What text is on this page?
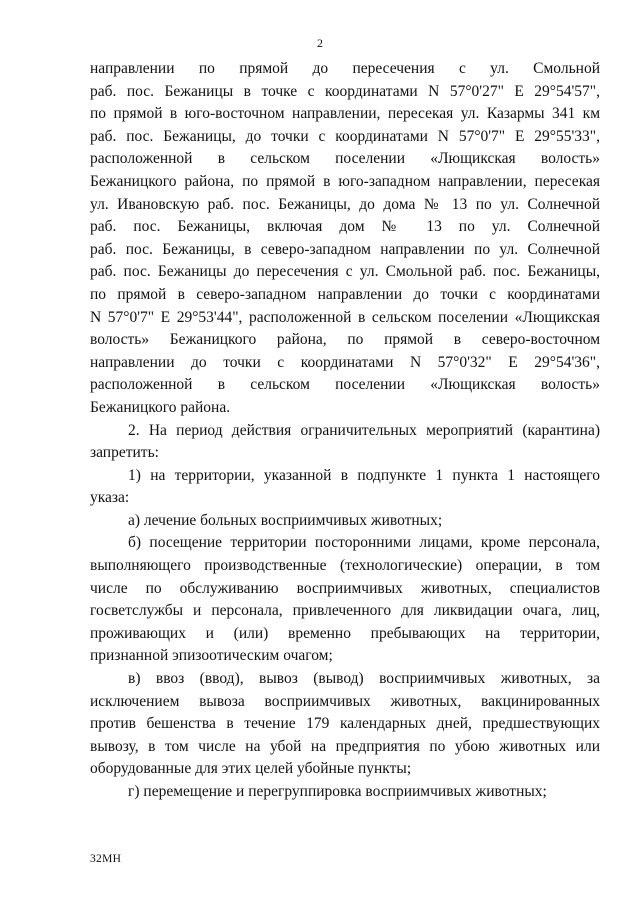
2
направлении по прямой до пересечения с ул. Смольной
раб. пос. Бежаницы в точке с координатами N 57°0'27" E 29°54'57",
по прямой в юго-восточном направлении, пересекая ул. Казармы 341 км
раб. пос. Бежаницы, до точки с координатами N 57°0'7" E 29°55'33",
расположенной в сельском поселении «Лющикская волость»
Бежаницкого района, по прямой в юго-западном направлении, пересекая
ул. Ивановскую раб. пос. Бежаницы, до дома № 13 по ул. Солнечной
раб. пос. Бежаницы, включая дом № 13 по ул. Солнечной
раб. пос. Бежаницы, в северо-западном направлении по ул. Солнечной
раб. пос. Бежаницы до пересечения с ул. Смольной раб. пос. Бежаницы,
по прямой в северо-западном направлении до точки с координатами
N 57°0'7" E 29°53'44", расположенной в сельском поселении «Лющикская
волость» Бежаницкого района, по прямой в северо-восточном
направлении до точки с координатами N 57°0'32" E 29°54'36",
расположенной в сельском поселении «Лющикская волость»
Бежаницкого района.
2. На период действия ограничительных мероприятий (карантина)
запретить:
1) на территории, указанной в подпункте 1 пункта 1 настоящего
указа:
а) лечение больных восприимчивых животных;
б) посещение территории посторонними лицами, кроме персонала,
выполняющего производственные (технологические) операции, в том
числе по обслуживанию восприимчивых животных, специалистов
госветслужбы и персонала, привлеченного для ликвидации очага, лиц,
проживающих и (или) временно пребывающих на территории,
признанной эпизоотическим очагом;
в) ввоз (ввод), вывоз (вывод) восприимчивых животных, за
исключением вывоза восприимчивых животных, вакцинированных
против бешенства в течение 179 календарных дней, предшествующих
вывозу, в том числе на убой на предприятия по убою животных или
оборудованные для этих целей убойные пункты;
г) перемещение и перегруппировка восприимчивых животных;
32МН
